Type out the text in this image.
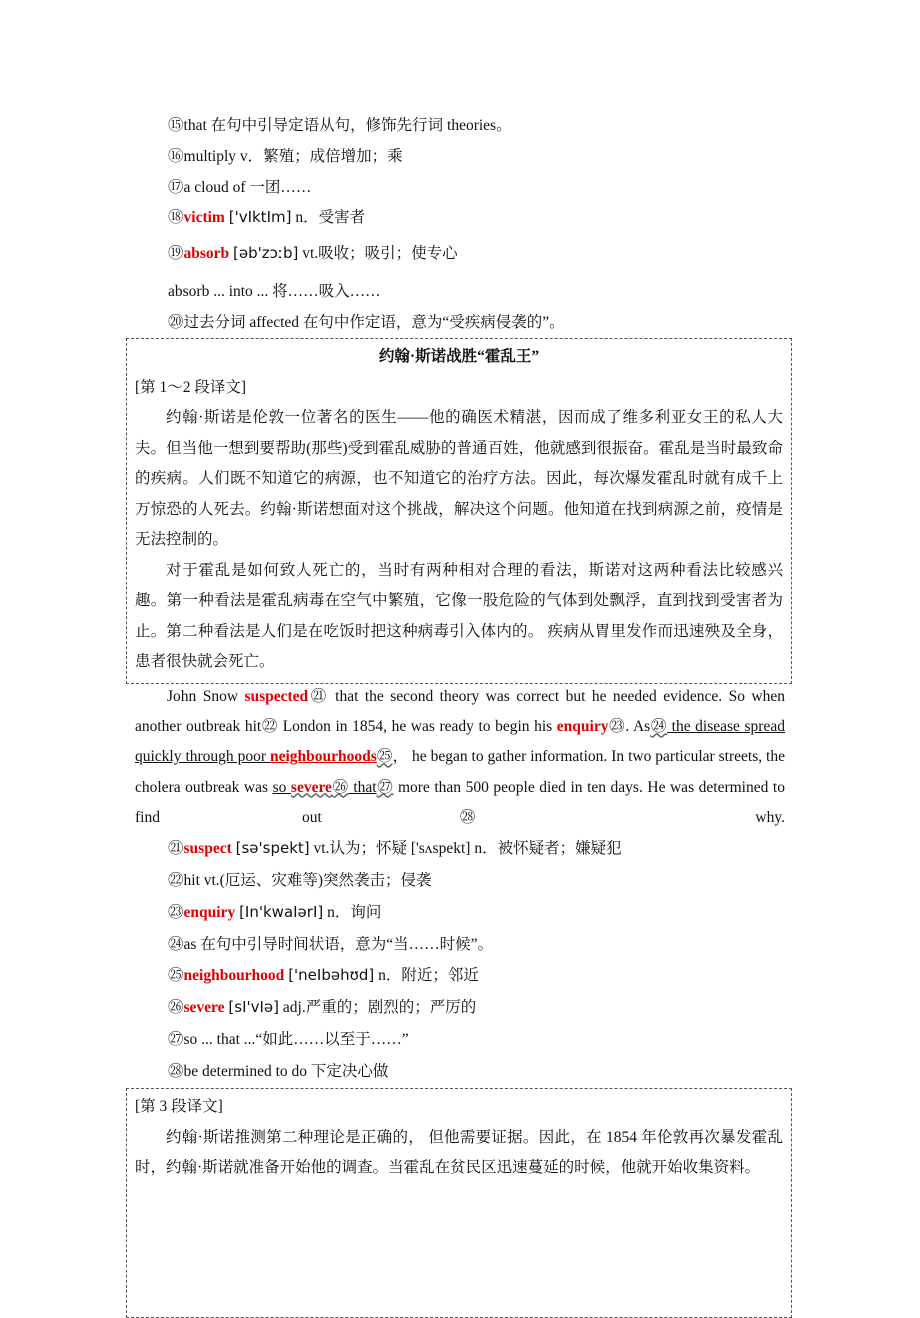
⑮that 在句中引导定语从句，修饰先行词 theories。
⑯multiply v．繁殖；成倍增加；乘
⑰a cloud of 一团……
⑱victim ['vIktIm] n．受害者
⑲absorb [əb'zɔːb] vt.吸收；吸引；使专心
absorb ... into ... 将……吸入……
⑳过去分词 affected 在句中作定语，意为“受疾病侵袭的”。

约翰·斯诺战胜“霍乱王”

[第 1～2 段译文]

约翰·斯诺是伦敦一位著名的医生——他的确医术精湛，因而成了维多利亚女王的私人大夫。但当他一想到要帮助(那些)受到霍乱威胁的普通百姓，他就感到很振奋。霍乱是当时最致命的疾病。人们既不知道它的病源，也不知道它的治疗方法。因此，每次爆发霍乱时就有成千上万惊恐的人死去。约翰·斯诺想面对这个挑战，解决这个问题。他知道在找到病源之前，疫情是无法控制的。

对于霍乱是如何致人死亡的，当时有两种相对合理的看法，斯诺对这两种看法比较感兴趣。第一种看法是霍乱病毒在空气中繁殖，它像一股危险的气体到处飘浮，直到找到受害者为止。第二种看法是人们是在吃饭时把这种病毒引入体内的。 疾病从胃里发作而迅速殃及全身，患者很快就会死亡。

John Snow suspected㉑ that the second theory was correct but he needed evidence. So when another outbreak hit㉒ London in 1854, he was ready to begin his enquiry㉓. As㉔ the disease spread quickly through poor neighbourhoods㉕， he began to gather information. In two particular streets, the cholera outbreak was so severe㉖ that㉗ more than 500 people died in ten days. He was determined to find out㉘ why.
㉑suspect [sə'spekt] vt.认为；怀疑 ['sʌspekt] n．被怀疑者；嫌疑犯
㉒hit vt.(厄运、灾难等)突然袭击；侵袭
㉓enquiry [In'kwaIərI] n．询问
㉔as 在句中引导时间状语，意为“当……时候”。
㉕neighbourhood ['neIbəhʊd] n．附近；邻近
㉖severe [sI'vIə] adj.严重的；剧烈的；严厉的
㉗so ... that ...“如此……以至于……”
㉘be determined to do 下定决心做

[第 3 段译文]

约翰·斯诺推测第二种理论是正确的， 但他需要证据。因此，在 1854 年伦敦再次暴发霍乱时，约翰·斯诺就准备开始他的调查。当霍乱在贫民区迅速蔓延的时候，他就开始收集资料。
